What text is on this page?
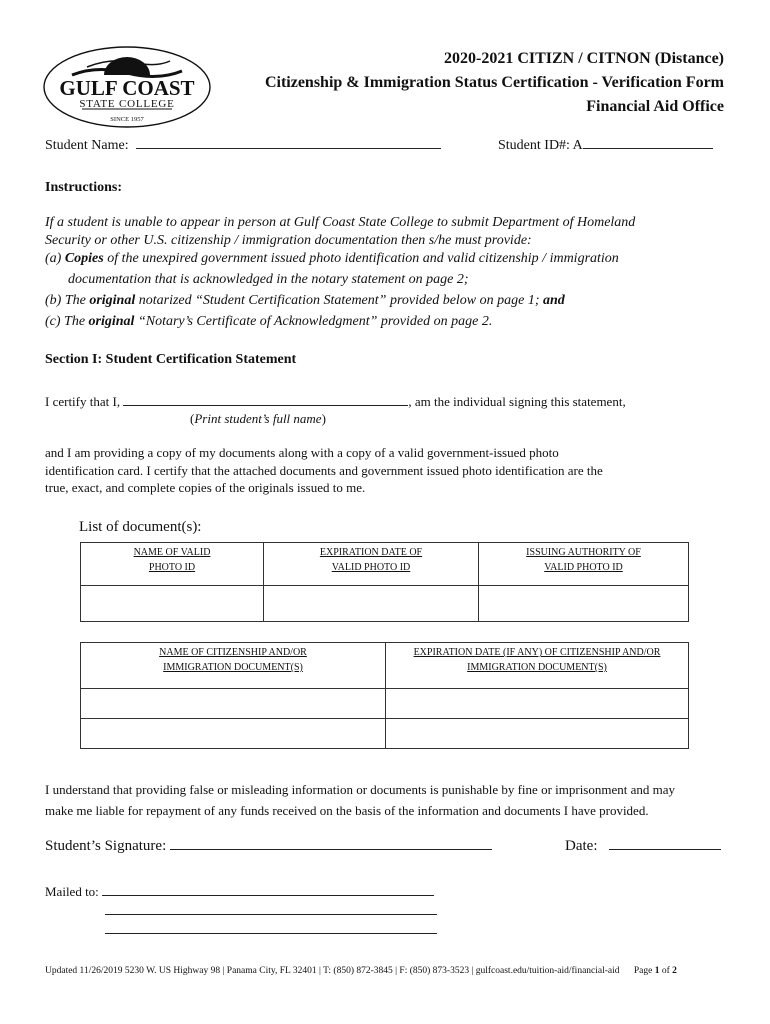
GULF COAST
STATE COLLEGE
SINCE 1957
2020-2021 CITIZN / CITNON (Distance)
Citizenship & Immigration Status Certification - Verification Form
Financial Aid Office
Student Name:	Student ID#: A
Instructions:
If a student is unable to appear in person at Gulf Coast State College to submit Department of Homeland
Security or other U.S. citizenship / immigration documentation then s/he must provide:
(a) Copies of the unexpired government issued photo identification and valid citizenship / immigration
documentation that is acknowledged in the notary statement on page 2;
(b) The original notarized “Student Certification Statement” provided below on page 1; and
(c) The original “Notary’s Certificate of Acknowledgment” provided on page 2.
Section I: Student Certification Statement
I certify that I,	, am the individual signing this statement,
(Print student’s full name)
and I am providing a copy of my documents along with a copy of a valid government-issued photo
identification card. I certify that the attached documents and government issued photo identification are the
true, exact, and complete copies of the originals issued to me.
List of document(s):
NAME OF VALID
PHOTO ID	EXPIRATION DATE OF
VALID PHOTO ID	ISSUING AUTHORITY OF
VALID PHOTO ID

NAME OF CITIZENSHIP AND/OR
IMMIGRATION DOCUMENT(S)	EXPIRATION DATE (IF ANY) OF CITIZENSHIP AND/OR
IMMIGRATION DOCUMENT(S)

I understand that providing false or misleading information or documents is punishable by fine or imprisonment and may
make me liable for repayment of any funds received on the basis of the information and documents I have provided.
Student’s Signature:	Date:
Mailed to:
Updated 11/26/2019 5230 W. US Highway 98 | Panama City, FL 32401 | T: (850) 872-3845 | F: (850) 873-3523 | gulfcoast.edu/tuition-aid/financial-aid Page 1 of 2
